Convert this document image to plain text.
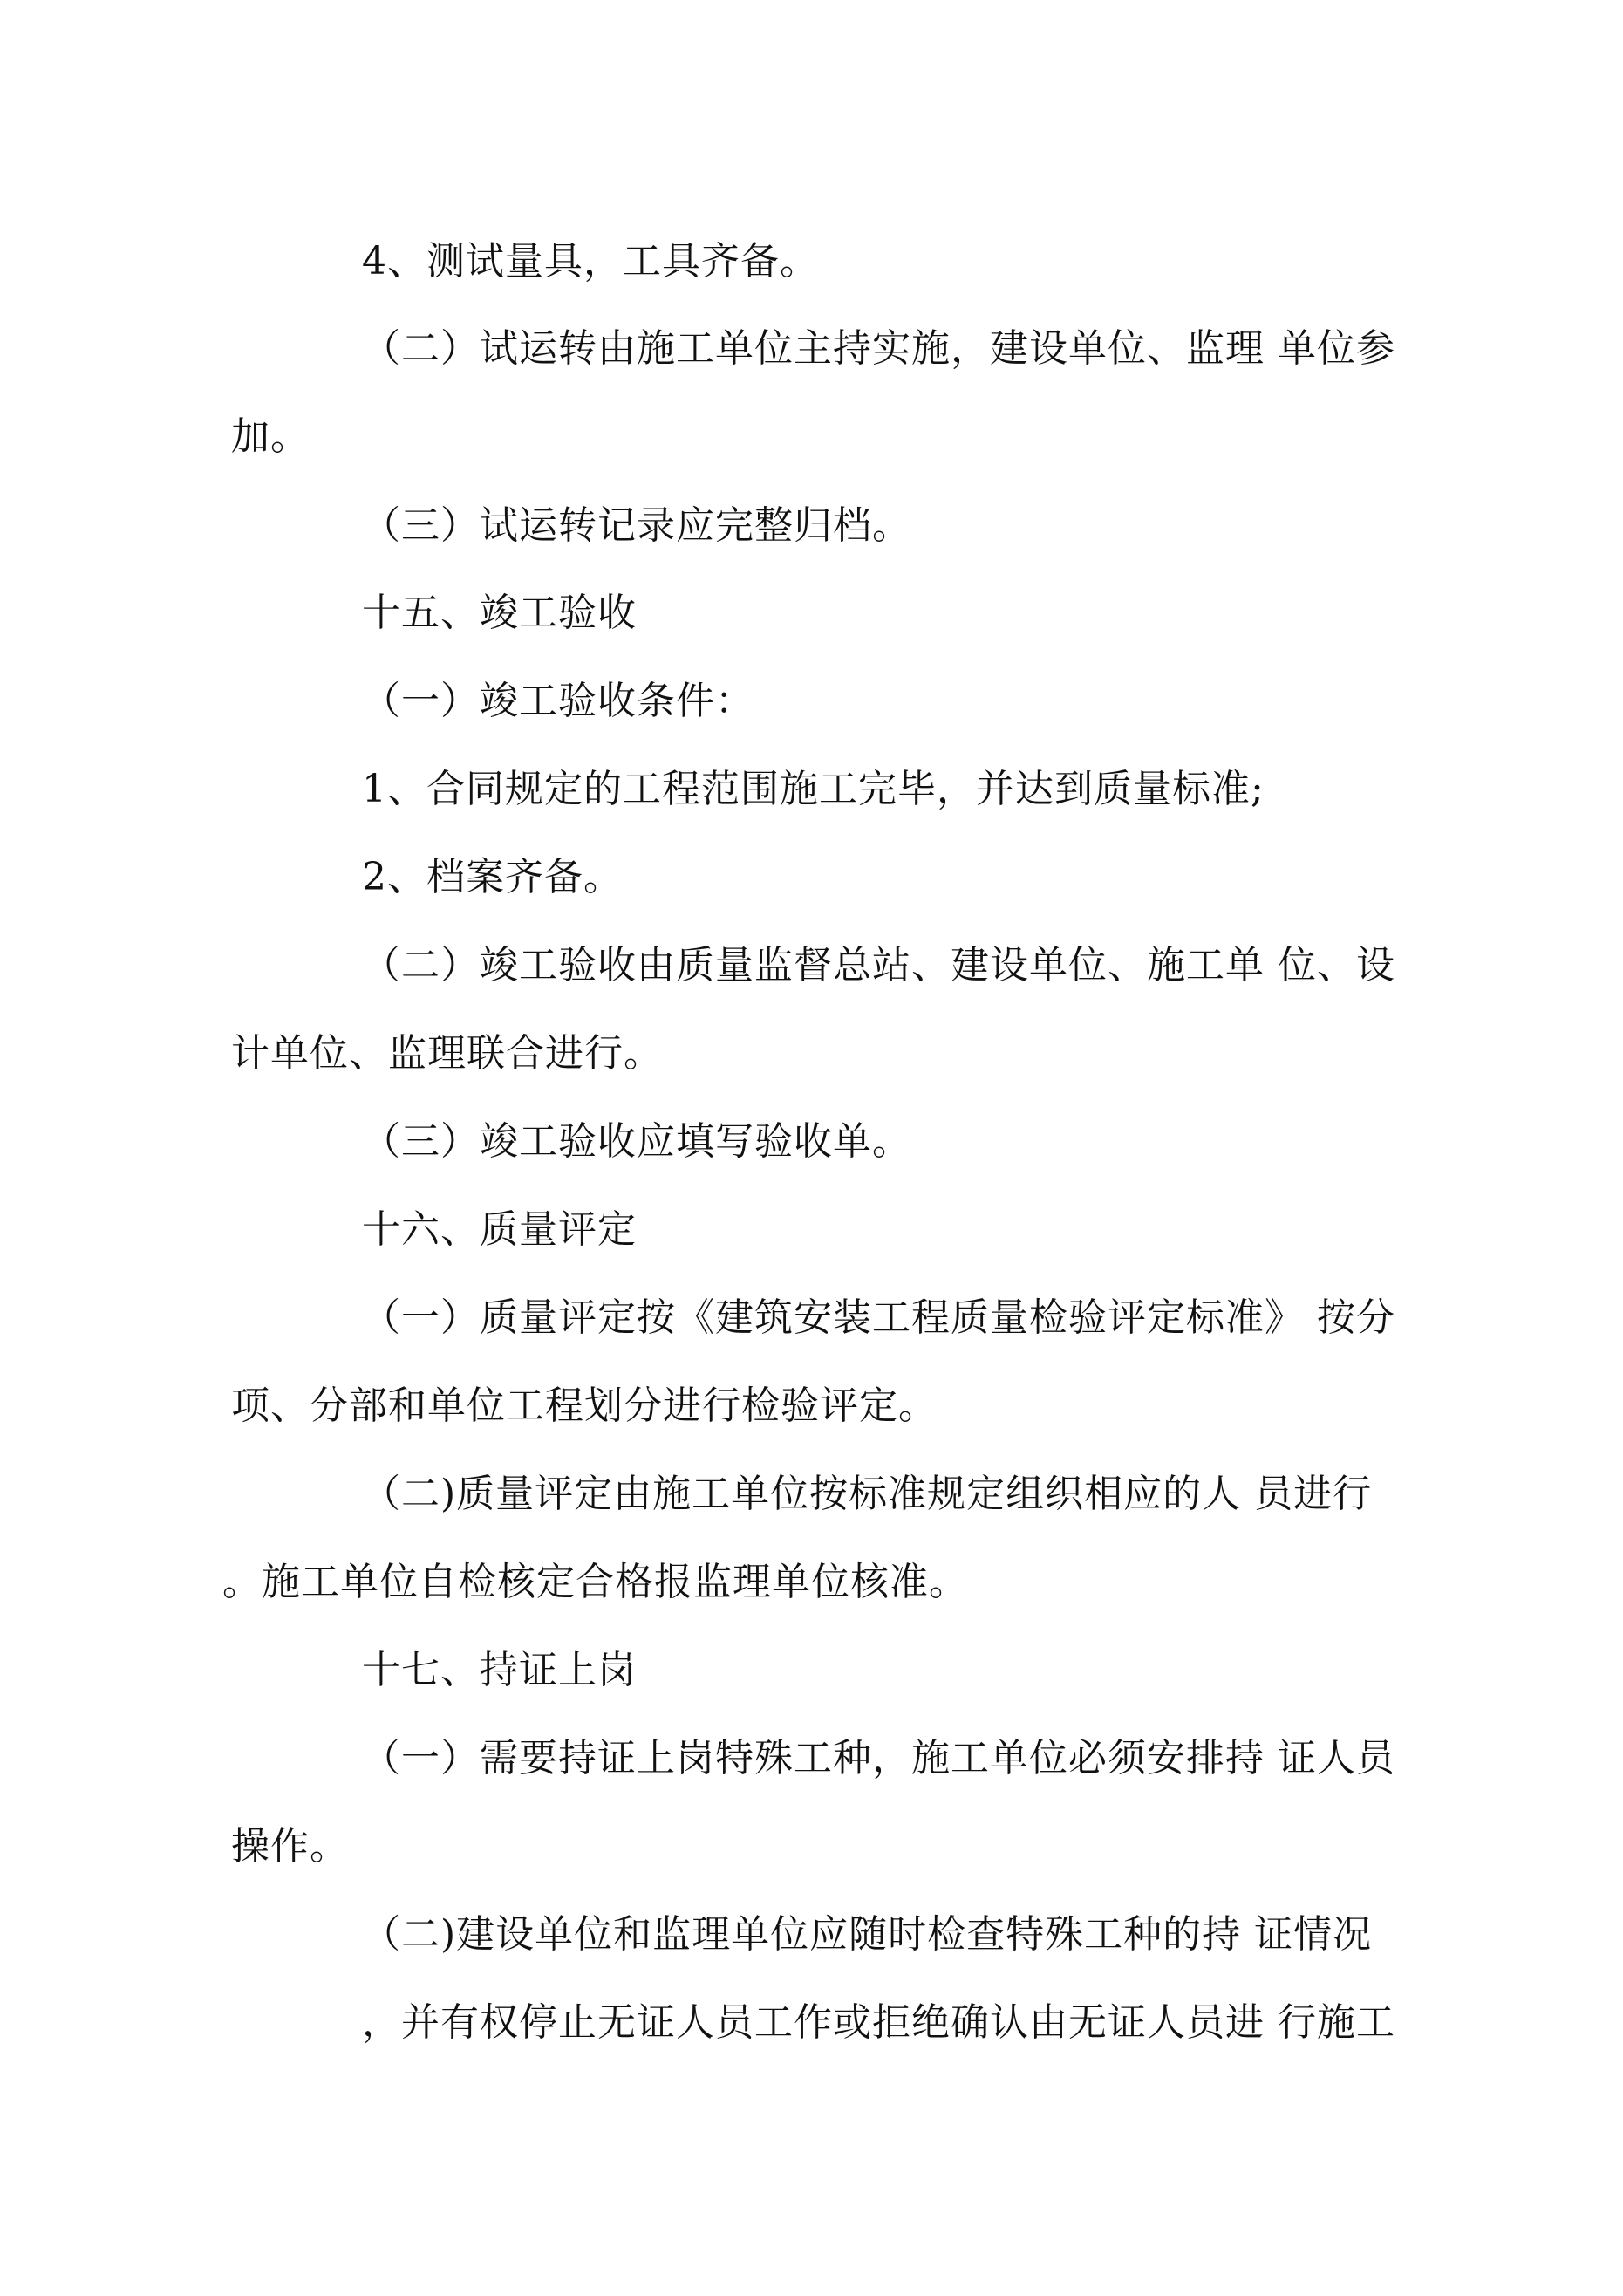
4、测试量具，工具齐备。
（二）试运转由施工单位主持实施，建设单位、监理 单位参
加。
（三）试运转记录应完整归档。
十五、竣工验收
（一）竣工验收条件：
1、合同规定的工程范围施工完毕，并达到质量标准;
2、档案齐备。
（二）竣工验收由质量监督总站、建设单位、施工单 位、设
计单位、监理联合进行。
（三）竣工验收应填写验收单。
十六、质量评定
（一）质量评定按《建筑安装工程质量检验评定标准》 按分
项、分部和单位工程划分进行检验评定。
（二)质量评定由施工单位按标准规定组织相应的人 员进行
。施工单位自检核定合格报监理单位核准。
十七、持证上岗
（一）需要持证上岗特殊工种，施工单位必须安排持 证人员
操作。
（二)建设单位和监理单位应随时检查特殊工种的持 证情况
，并有权停止无证人员工作或拒绝确认由无证人员进 行施工
